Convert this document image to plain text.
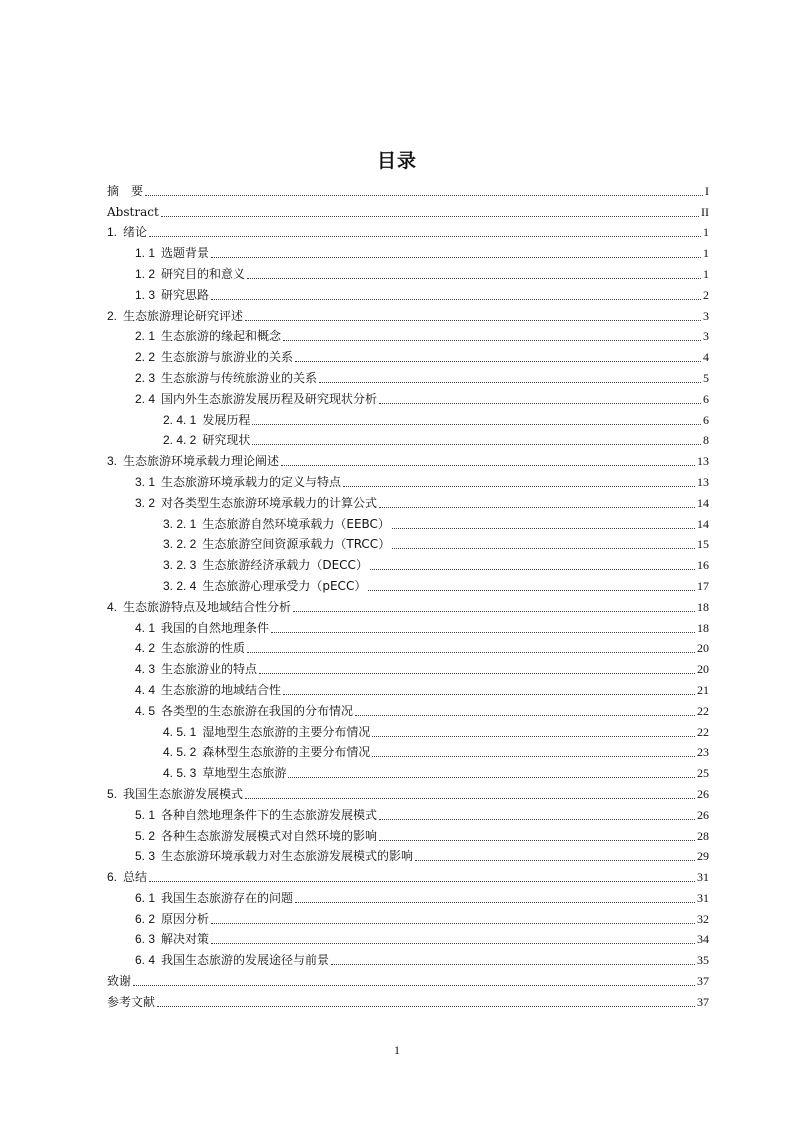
目录
摘　要	I
Abstract	II
1. 绪论	1
1. 1 选题背景	1
1. 2 研究目的和意义	1
1. 3 研究思路	2
2. 生态旅游理论研究评述	3
2. 1 生态旅游的缘起和概念	3
2. 2 生态旅游与旅游业的关系	4
2. 3 生态旅游与传统旅游业的关系	5
2. 4 国内外生态旅游发展历程及研究现状分析	6
2. 4. 1 发展历程	6
2. 4. 2 研究现状	8
3. 生态旅游环境承载力理论阐述	13
3. 1 生态旅游环境承载力的定义与特点	13
3. 2 对各类型生态旅游环境承载力的计算公式	14
3. 2. 1 生态旅游自然环境承载力（EEBC）	14
3. 2. 2 生态旅游空间资源承载力（TRCC）	15
3. 2. 3 生态旅游经济承载力（DECC）	16
3. 2. 4 生态旅游心理承受力（pECC）	17
4. 生态旅游特点及地域结合性分析	18
4. 1 我国的自然地理条件	18
4. 2 生态旅游的性质	20
4. 3 生态旅游业的特点	20
4. 4 生态旅游的地域结合性	21
4. 5 各类型的生态旅游在我国的分布情况	22
4. 5. 1 湿地型生态旅游的主要分布情况	22
4. 5. 2 森林型生态旅游的主要分布情况	23
4. 5. 3 草地型生态旅游	25
5. 我国生态旅游发展模式	26
5. 1 各种自然地理条件下的生态旅游发展模式	26
5. 2 各种生态旅游发展模式对自然环境的影响	28
5. 3 生态旅游环境承载力对生态旅游发展模式的影响	29
6. 总结	31
6. 1 我国生态旅游存在的问题	31
6. 2 原因分析	32
6. 3 解决对策	34
6. 4 我国生态旅游的发展途径与前景	35
致谢	37
参考文献	37
1
